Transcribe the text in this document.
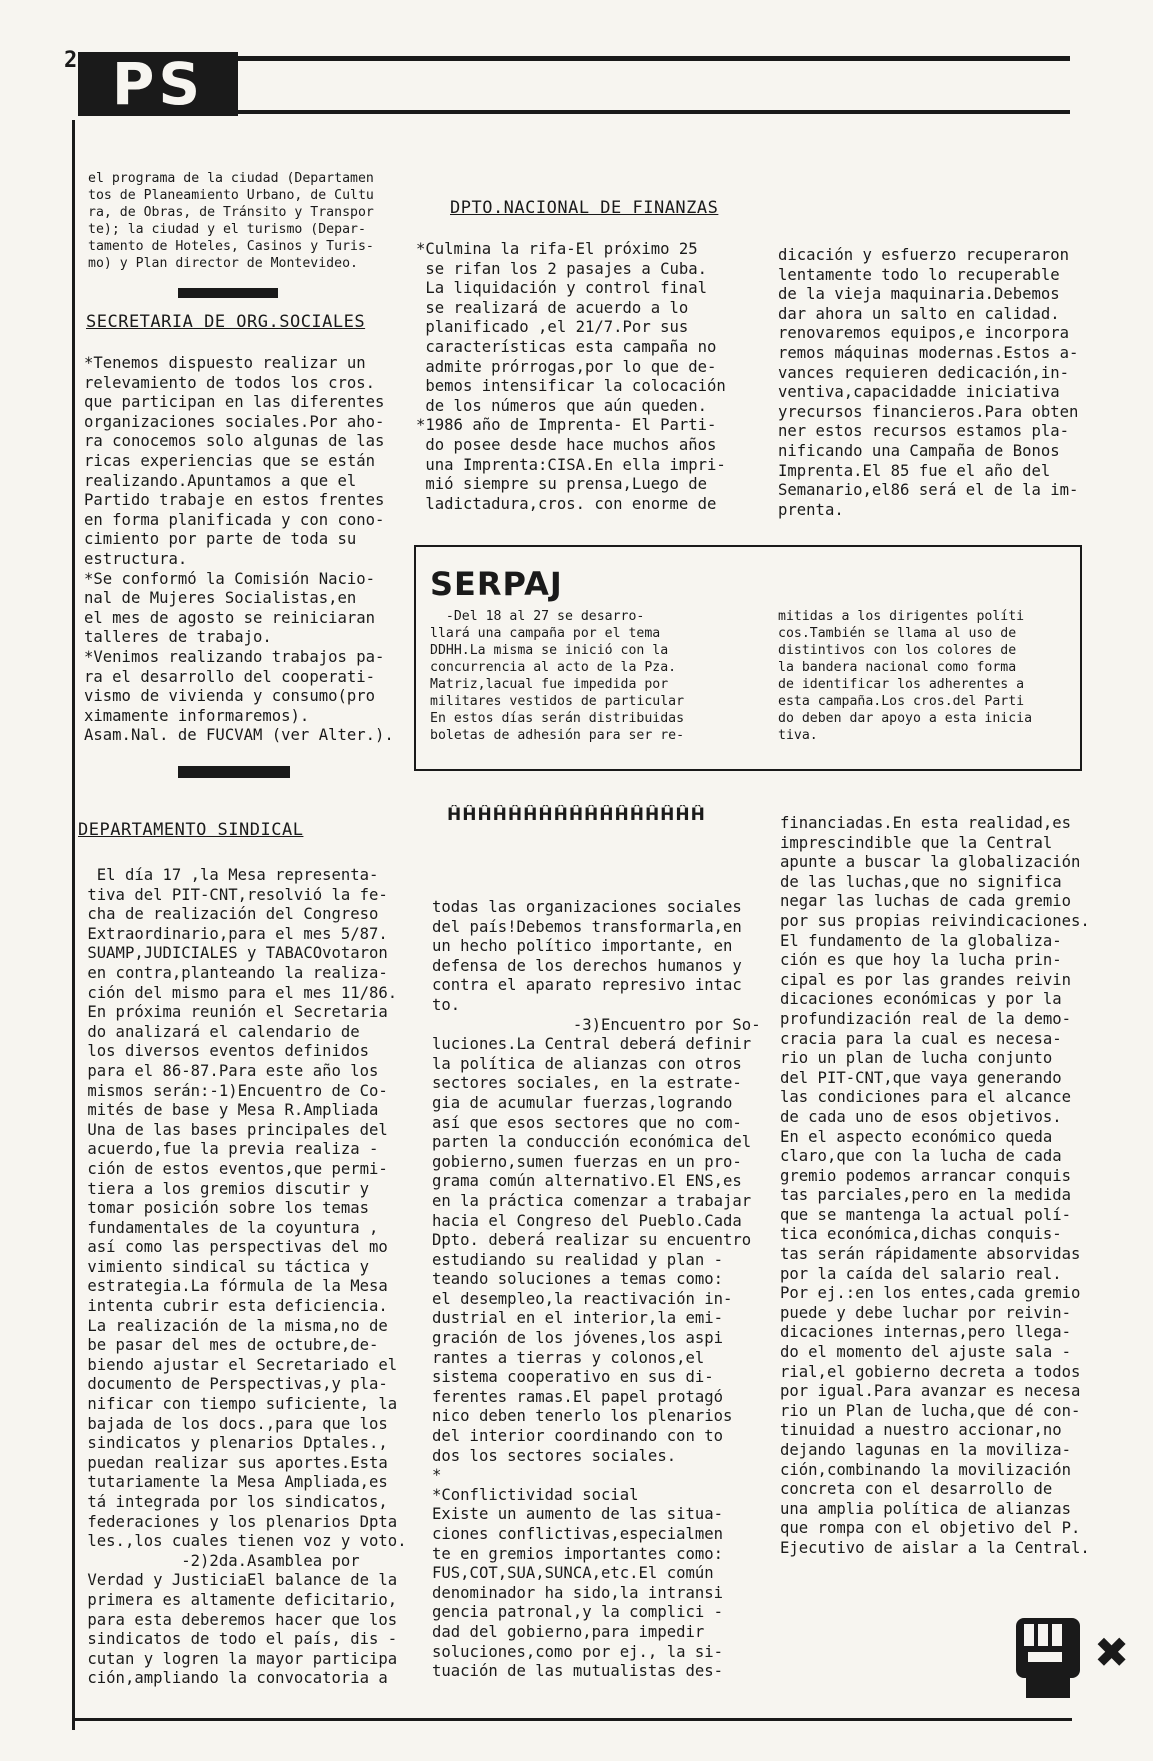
2 PS
el programa de la ciudad (Departamen
tos de Planeamiento Urbano, de Cultu
ra, de Obras, de Tránsito y Transpor
te); la ciudad y el turismo (Depar-
tamento de Hoteles, Casinos y Turis-
mo) y Plan director de Montevideo.
SECRETARIA DE ORG.SOCIALES
*Tenemos dispuesto realizar un
relevamiento de todos los cros.
que participan en las diferentes
organizaciones sociales.Por aho-
ra conocemos solo algunas de las
ricas experiencias que se están
realizando.Apuntamos a que el
Partido trabaje en estos frentes
en forma planificada y con cono-
cimiento por parte de toda su
estructura.
*Se conformó la Comisión Nacio-
nal de Mujeres Socialistas,en
el mes de agosto se reiniciaran
talleres de trabajo.
*Venimos realizando trabajos pa-
ra el desarrollo del cooperati-
vismo de vivienda y consumo(pro
ximamente informaremos).
Asam.Nal. de FUCVAM (ver Alter.).
DPTO.NACIONAL DE FINANZAS
*Culmina la rifa-El próximo 25
se rifan los 2 pasajes a Cuba.
La liquidación y control final
se realizará de acuerdo a lo
planificado ,el 21/7.Por sus
características esta campaña no
admite prórrogas,por lo que de-
bemos intensificar la colocación
de los números que aún queden.
*1986 año de Imprenta- El Parti-
do posee desde hace muchos años
una Imprenta:CISA.En ella impri-
mió siempre su prensa,Luego de
ladictadura,cros. con enorme de
dicación y esfuerzo recuperaron
lentamente todo lo recuperable
de la vieja maquinaria.Debemos
dar ahora un salto en calidad.
renovaremos equipos,e incorpora
remos máquinas modernas.Estos a-
vances requieren dedicación,in-
ventiva,capacidadde iniciativa
yrecursos financieros.Para obten
ner estos recursos estamos pla-
nificando una Campaña de Bonos
Imprenta.El 85 fue el año del
Semanario,el86 será el de la im-
prenta.
SERPAJ
-Del 18 al 27 se desarro-
llará una campaña por el tema
DDHH.La misma se inició con la
concurrencia al acto de la Pza.
Matriz,lacual fue impedida por
militares vestidos de particular
En estos días serán distribuidas
boletas de adhesión para ser re-
mitidas a los dirigentes políti
cos.También se llama al uso de
distintivos con los colores de
la bandera nacional como forma
de identificar los adherentes a
esta campaña.Los cros.del Parti
do deben dar apoyo a esta inicia
tiva.
DEPARTAMENTO SINDICAL
El día 17 ,la Mesa representa-
tiva del PIT-CNT,resolvió la fe-
cha de realización del Congreso
Extraordinario,para el mes 5/87.
SUAMP,JUDICIALES y TABACOvotaron
en contra,planteando la realiza-
ción del mismo para el mes 11/86.
En próxima reunión el Secretaria
do analizará el calendario de
los diversos eventos definidos
para el 86-87.Para este año los
mismos serán:-1)Encuentro de Co-
mités de base y Mesa R.Ampliada
Una de las bases principales del
acuerdo,fue la previa realiza -
ción de estos eventos,que permi-
tiera a los gremios discutir y
tomar posición sobre los temas
fundamentales de la coyuntura ,
así como las perspectivas del mo
vimiento sindical su táctica y
estrategia.La fórmula de la Mesa
intenta cubrir esta deficiencia.
La realización de la misma,no de
be pasar del mes de octubre,de-
biendo ajustar el Secretariado el
documento de Perspectivas,y pla-
nificar con tiempo suficiente, la
bajada de los docs.,para que los
sindicatos y plenarios Dptales.,
puedan realizar sus aportes.Esta
tutariamente la Mesa Ampliada,es
tá integrada por los sindicatos,
federaciones y los plenarios Dpta
les.,los cuales tienen voz y voto.
-2)2da.Asamblea por
Verdad y JusticiaEl balance de la
primera es altamente deficitario,
para esta deberemos hacer que los
sindicatos de todo el país, dis -
cutan y logren la mayor participa
ción,ampliando la convocatoria a
ĤĤĤĤĤĤĤĤĤĤĤĤĤĤĤĤĤ
todas las organizaciones sociales
del país!Debemos transformarla,en
un hecho político importante, en
defensa de los derechos humanos y
contra el aparato represivo intac
to.
-3)Encuentro por So-
luciones.La Central deberá definir
la política de alianzas con otros
sectores sociales, en la estrate-
gia de acumular fuerzas,logrando
así que esos sectores que no com-
parten la conducción económica del
gobierno,sumen fuerzas en un pro-
grama común alternativo.El ENS,es
en la práctica comenzar a trabajar
hacia el Congreso del Pueblo.Cada
Dpto. deberá realizar su encuentro
estudiando su realidad y plan -
teando soluciones a temas como:
el desempleo,la reactivación in-
dustrial en el interior,la emi-
gración de los jóvenes,los aspi
rantes a tierras y colonos,el
sistema cooperativo en sus di-
ferentes ramas.El papel protagó
nico deben tenerlo los plenarios
del interior coordinando con to
dos los sectores sociales.
*
*Conflictividad social
Existe un aumento de las situa-
ciones conflictivas,especialmen
te en gremios importantes como:
FUS,COT,SUA,SUNCA,etc.El común
denominador ha sido,la intransi
gencia patronal,y la complici -
dad del gobierno,para impedir
soluciones,como por ej., la si-
tuación de las mutualistas des-
financiadas.En esta realidad,es
imprescindible que la Central
apunte a buscar la globalización
de las luchas,que no significa
negar las luchas de cada gremio
por sus propias reivindicaciones.
El fundamento de la globaliza-
ción es que hoy la lucha prin-
cipal es por las grandes reivin
dicaciones económicas y por la
profundización real de la demo-
cracia para la cual es necesa-
rio un plan de lucha conjunto
del PIT-CNT,que vaya generando
las condiciones para el alcance
de cada uno de esos objetivos.
En el aspecto económico queda
claro,que con la lucha de cada
gremio podemos arrancar conquis
tas parciales,pero en la medida
que se mantenga la actual polí-
tica económica,dichas conquis-
tas serán rápidamente absorvidas
por la caída del salario real.
Por ej.:en los entes,cada gremio
puede y debe luchar por reivin-
dicaciones internas,pero llega-
do el momento del ajuste sala -
rial,el gobierno decreta a todos
por igual.Para avanzar es necesa
rio un Plan de lucha,que dé con-
tinuidad a nuestro accionar,no
dejando lagunas en la moviliza-
ción,combinando la movilización
concreta con el desarrollo de
una amplia política de alianzas
que rompa con el objetivo del P.
Ejecutivo de aislar a la Central.
✖
